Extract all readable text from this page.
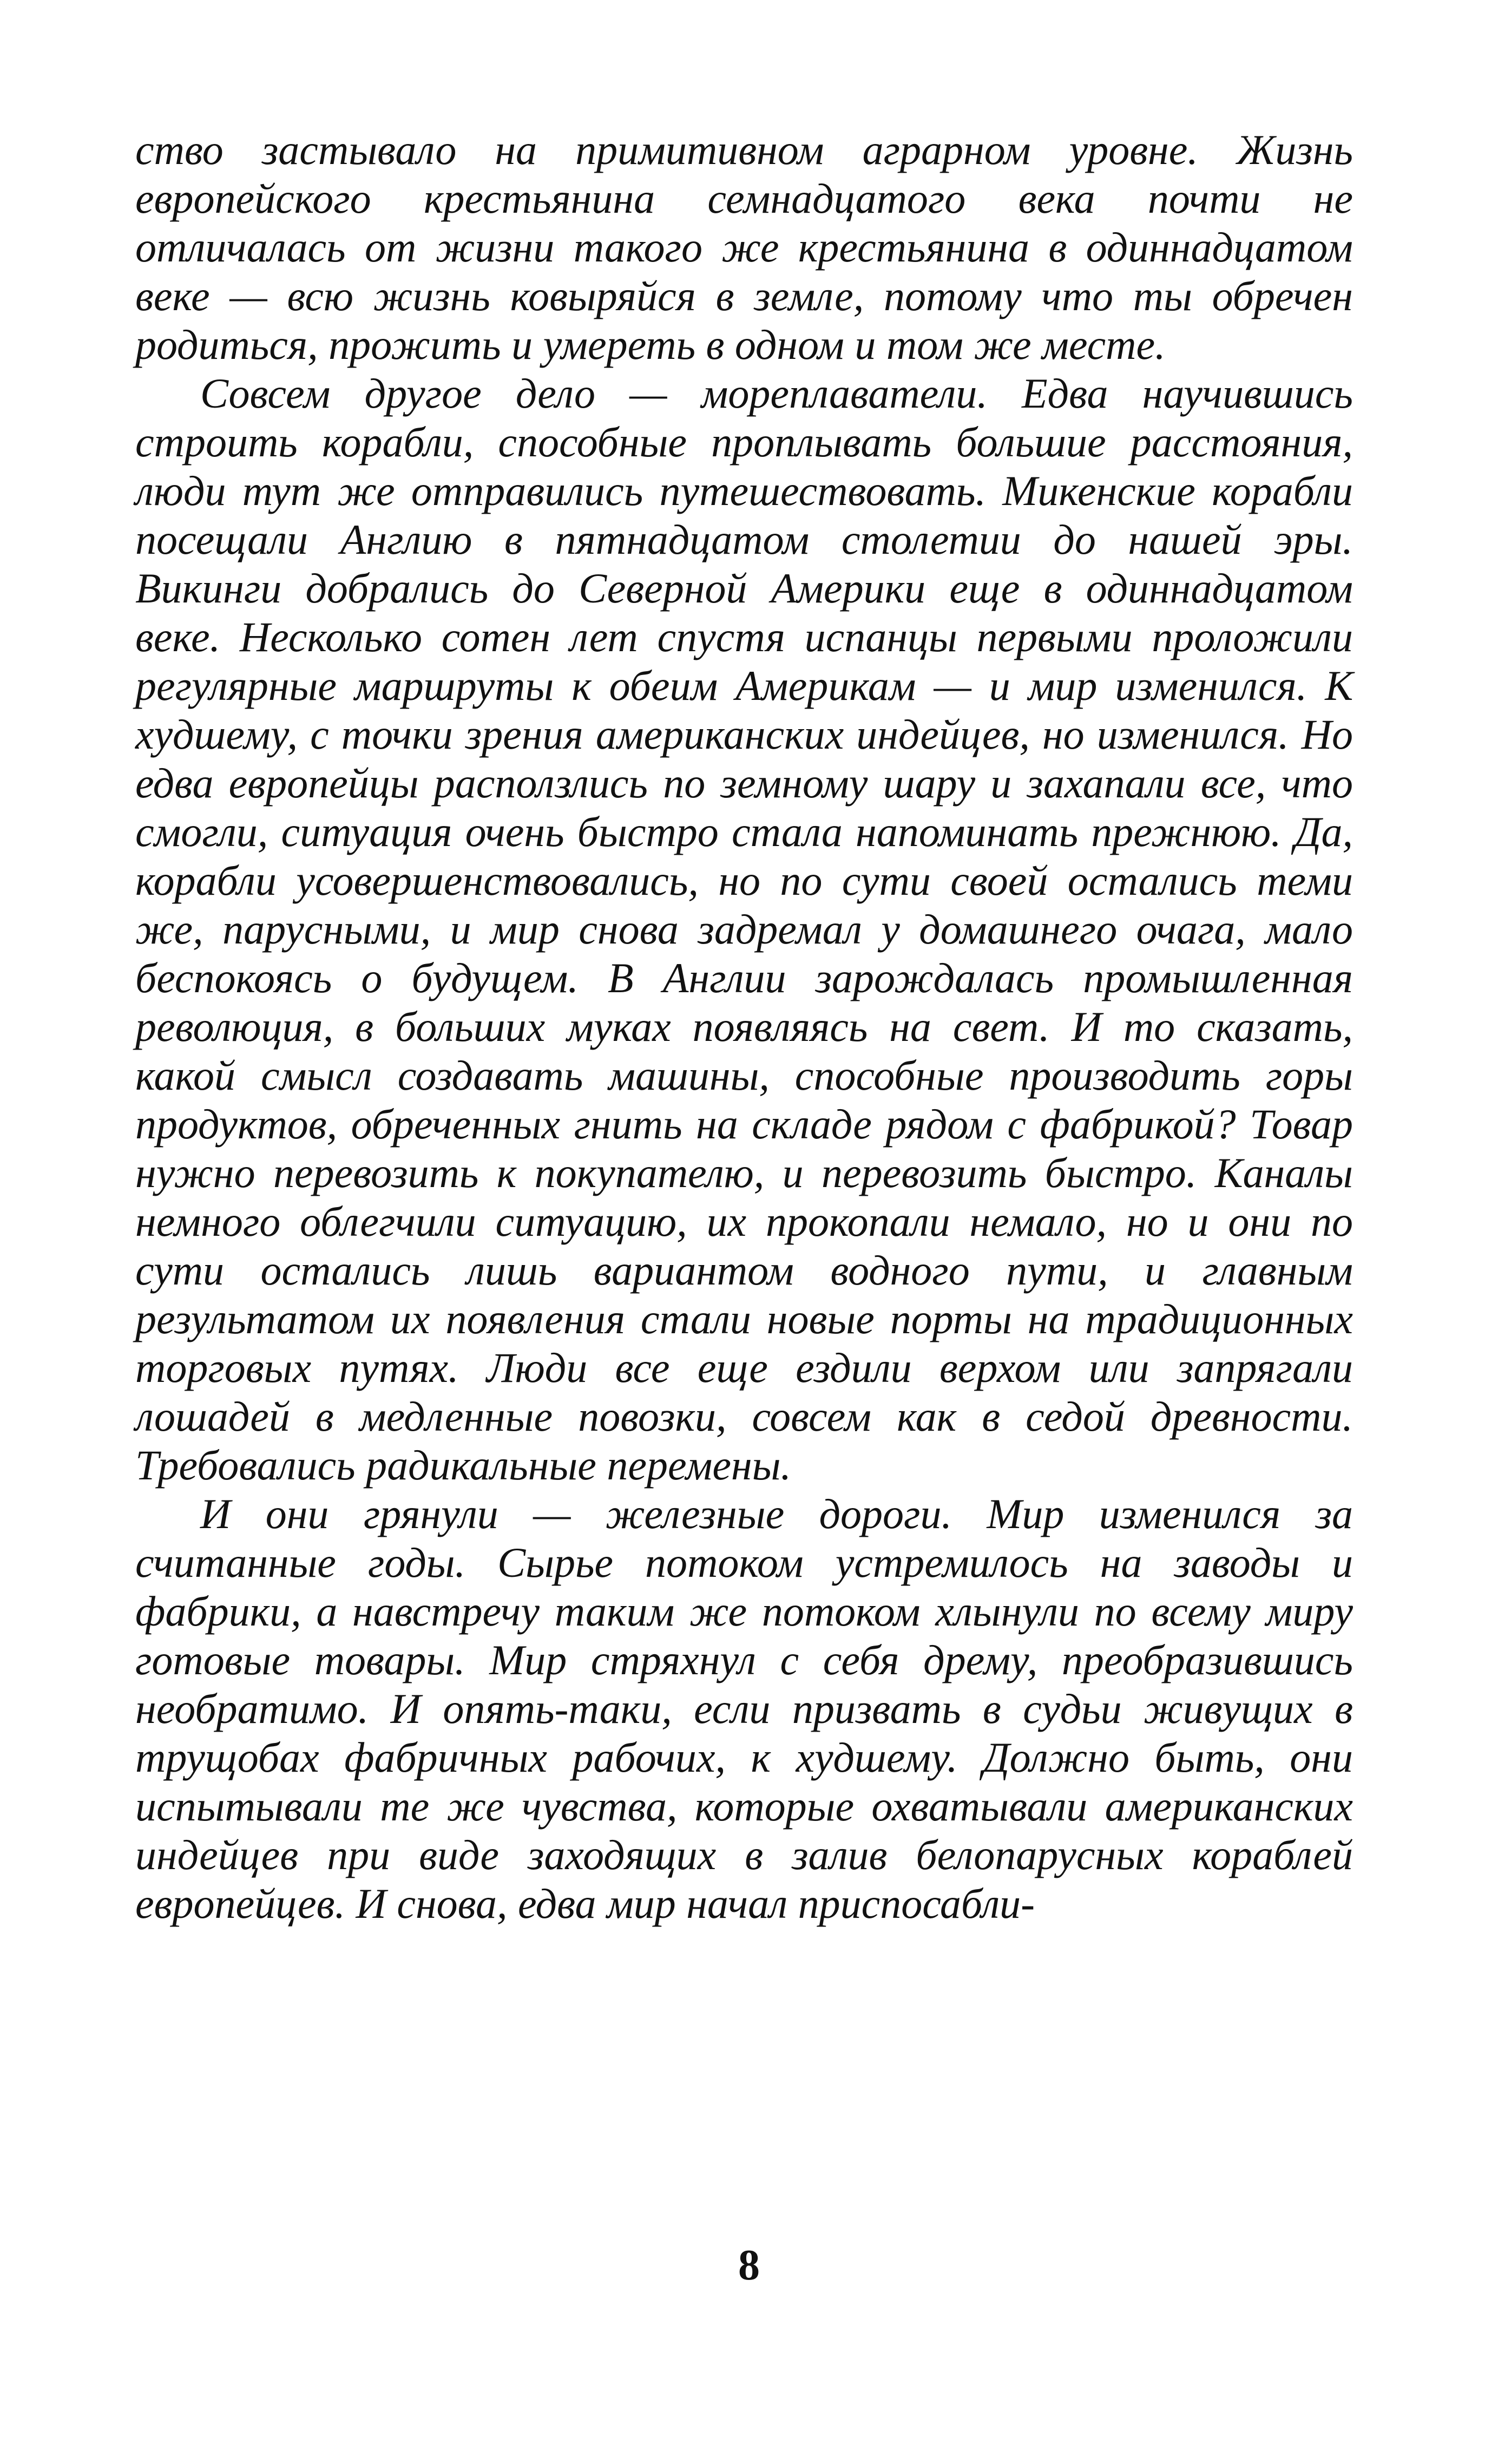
ство застывало на примитивном аграрном уровне. Жизнь европейского крестьянина семнадцатого века почти не отличалась от жизни такого же крестьянина в одиннадцатом веке — всю жизнь ковыряйся в земле, потому что ты обречен родиться, прожить и умереть в одном и том же месте.

Совсем другое дело — мореплаватели. Едва научившись строить корабли, способные проплывать большие расстояния, люди тут же отправились путешествовать. Микенские корабли посещали Англию в пятнадцатом столетии до нашей эры. Викинги добрались до Северной Америки еще в одиннадцатом веке. Несколько сотен лет спустя испанцы первыми проложили регулярные маршруты к обеим Америкам — и мир изменился. К худшему, с точки зрения американских индейцев, но изменился. Но едва европейцы расползлись по земному шару и захапали все, что смогли, ситуация очень быстро стала напоминать прежнюю. Да, корабли усовершенствовались, но по сути своей остались теми же, парусными, и мир снова задремал у домашнего очага, мало беспокоясь о будущем. В Англии зарождалась промышленная революция, в больших муках появляясь на свет. И то сказать, какой смысл создавать машины, способные производить горы продуктов, обреченных гнить на складе рядом с фабрикой? Товар нужно перевозить к покупателю, и перевозить быстро. Каналы немного облегчили ситуацию, их прокопали немало, но и они по сути остались лишь вариантом водного пути, и главным результатом их появления стали новые порты на традиционных торговых путях. Люди все еще ездили верхом или запрягали лошадей в медленные повозки, совсем как в седой древности. Требовались радикальные перемены.

И они грянули — железные дороги. Мир изменился за считанные годы. Сырье потоком устремилось на заводы и фабрики, а навстречу таким же потоком хлынули по всему миру готовые товары. Мир стряхнул с себя дрему, преобразившись необратимо. И опять-таки, если призвать в судьи живущих в трущобах фабричных рабочих, к худшему. Должно быть, они испытывали те же чувства, которые охватывали американских индейцев при виде заходящих в залив белопарусных кораблей европейцев. И снова, едва мир начал приспосабли-

8
